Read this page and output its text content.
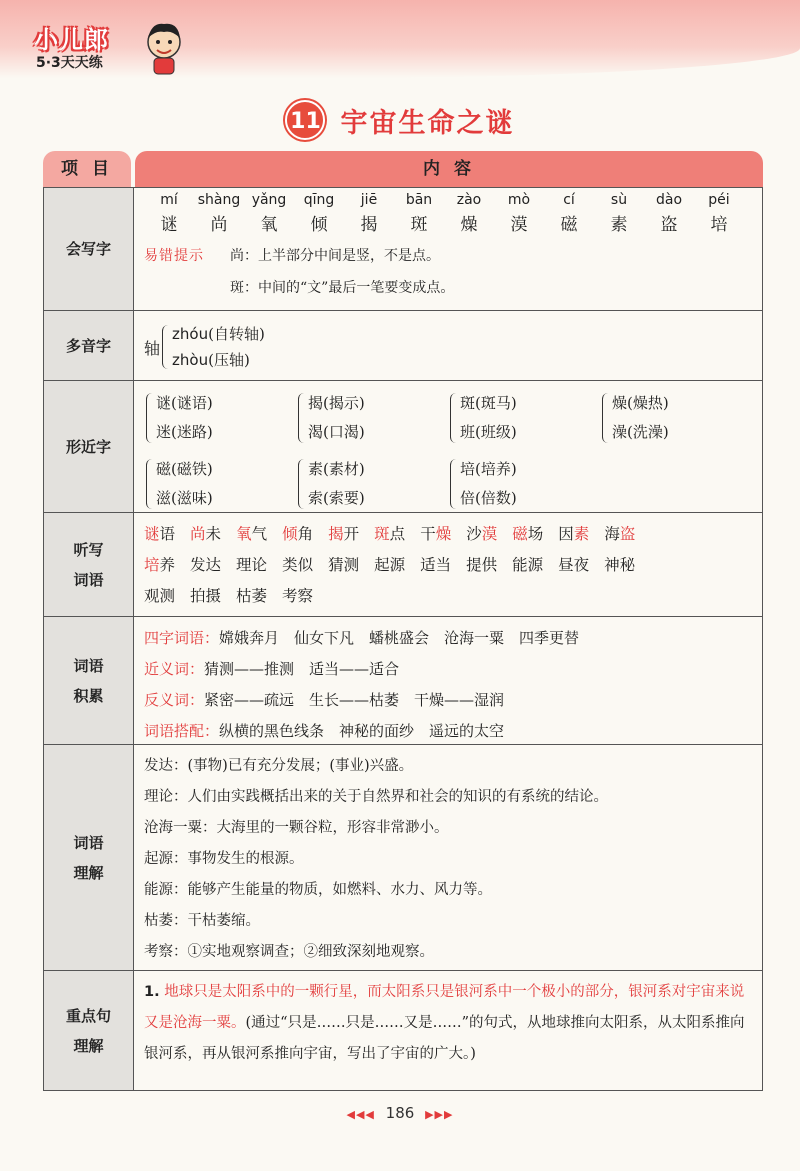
小儿郎
5·3天天练
11 宇宙生命之谜
项 目	内 容
会写字
mí
谜
shàng
尚
yǎng
氧
qīng
倾
jiē
揭
bān
斑
zào
燥
mò
漠
cí
磁
sù
素
dào
盗
péi
培
易错提示 尚：上半部分中间是竖，不是点。
斑：中间的“文”最后一笔要变成点。
多音字	轴
zhóu(自转轴)
zhòu(压轴)
形近字
谜(谜语)
迷(迷路)
揭(揭示)
渴(口渴)
斑(斑马)
班(班级)
燥(燥热)
澡(洗澡)
磁(磁铁)
滋(滋味)
素(素材)
索(索要)
培(培养)
倍(倍数)
听写
词语
谜语 尚未 氧气 倾角 揭开 斑点 干燥 沙漠 磁场 因素 海盗
培养 发达 理论 类似 猜测 起源 适当 提供 能源 昼夜 神秘
观测 拍摄 枯萎 考察
词语
积累
四字词语：嫦娥奔月　仙女下凡　蟠桃盛会　沧海一粟　四季更替
近义词：猜测——推测　适当——适合
反义词：紧密——疏远　生长——枯萎　干燥——湿润
词语搭配：纵横的黑色线条　神秘的面纱　遥远的太空
词语
理解
发达：(事物)已有充分发展；(事业)兴盛。
理论：人们由实践概括出来的关于自然界和社会的知识的有系统的结论。
沧海一粟：大海里的一颗谷粒，形容非常渺小。
起源：事物发生的根源。
能源：能够产生能量的物质，如燃料、水力、风力等。
枯萎：干枯萎缩。
考察：①实地观察调查；②细致深刻地观察。
重点句
理解
1. 地球只是太阳系中的一颗行星，而太阳系只是银河系中一个极小的部分，银河系对宇宙来说又是沧海一粟。(通过“只是……只是……又是……”的句式，从地球推向太阳系，从太阳系推向银河系，再从银河系推向宇宙，写出了宇宙的广大。)
◀◀◀ 186 ▶▶▶
